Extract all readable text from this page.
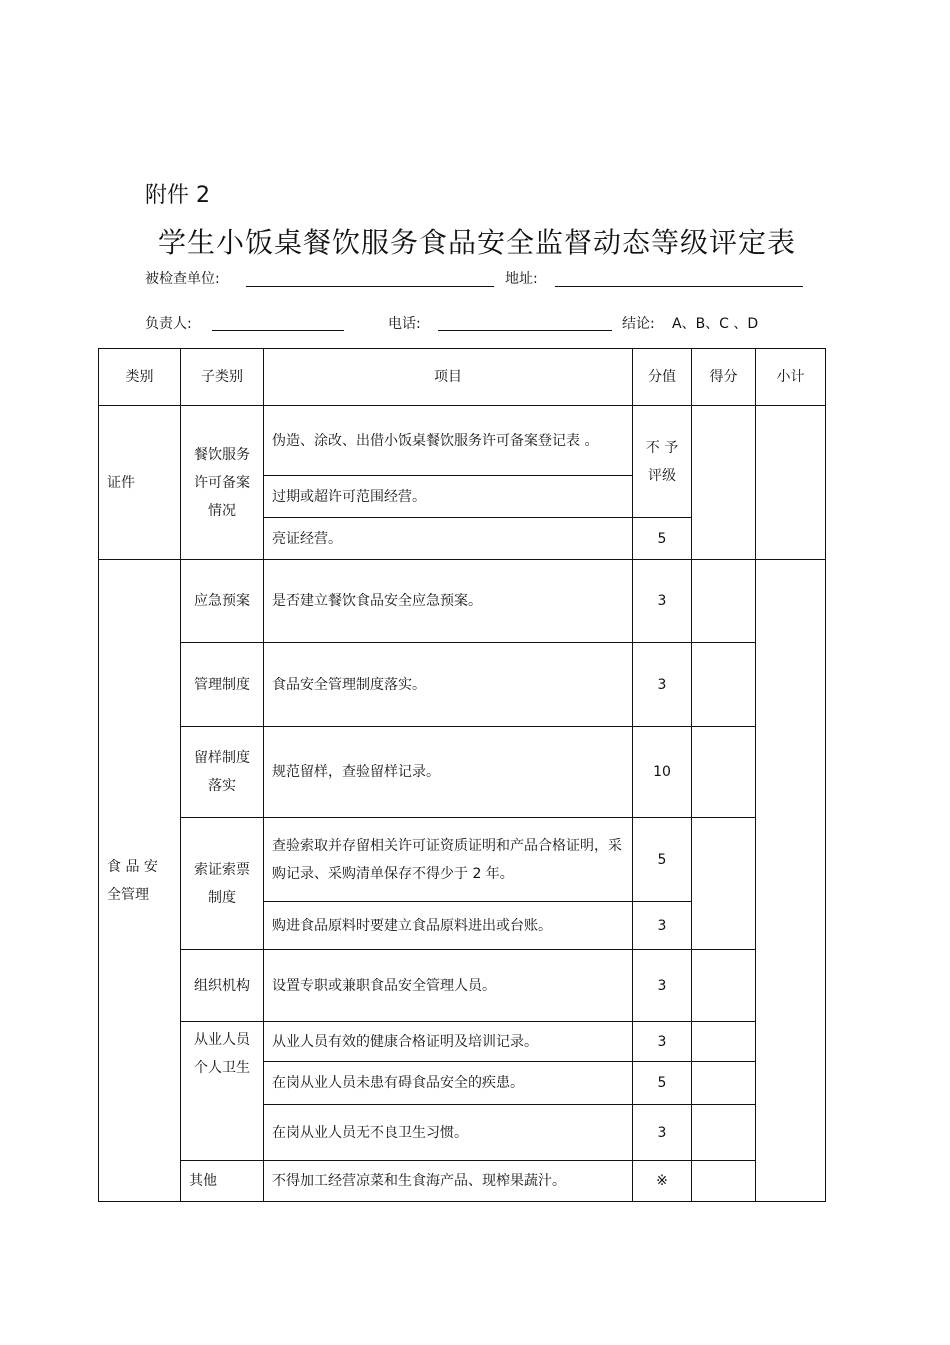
附件 2
学生小饭桌餐饮服务食品安全监督动态等级评定表
被检查单位:	地址:
负责人:	电话:	结论: A、B、C 、D
类别	子类别	项目	分值	得分	小计
证件	餐饮服务许可备案情况	伪造、涂改、出借小饭桌餐饮服务许可备案登记表 。	不 予 评级		
		过期或超许可范围经营。			
		亮证经营。	5		
食 品 安 全管理	应急预案	是否建立餐饮食品安全应急预案。	3		
	管理制度	食品安全管理制度落实。	3		
	留样制度落实	规范留样，查验留样记录。	10		
	索证索票制度	查验索取并存留相关许可证资质证明和产品合格证明，采购记录、采购清单保存不得少于 2 年。	5		
		购进食品原料时要建立食品原料进出或台账。	3		
	组织机构	设置专职或兼职食品安全管理人员。	3		
	从业人员个人卫生	从业人员有效的健康合格证明及培训记录。	3		
		在岗从业人员未患有碍食品安全的疾患。	5		
		在岗从业人员无不良卫生习惯。	3		
	其他	不得加工经营凉菜和生食海产品、现榨果蔬汁。	※		
